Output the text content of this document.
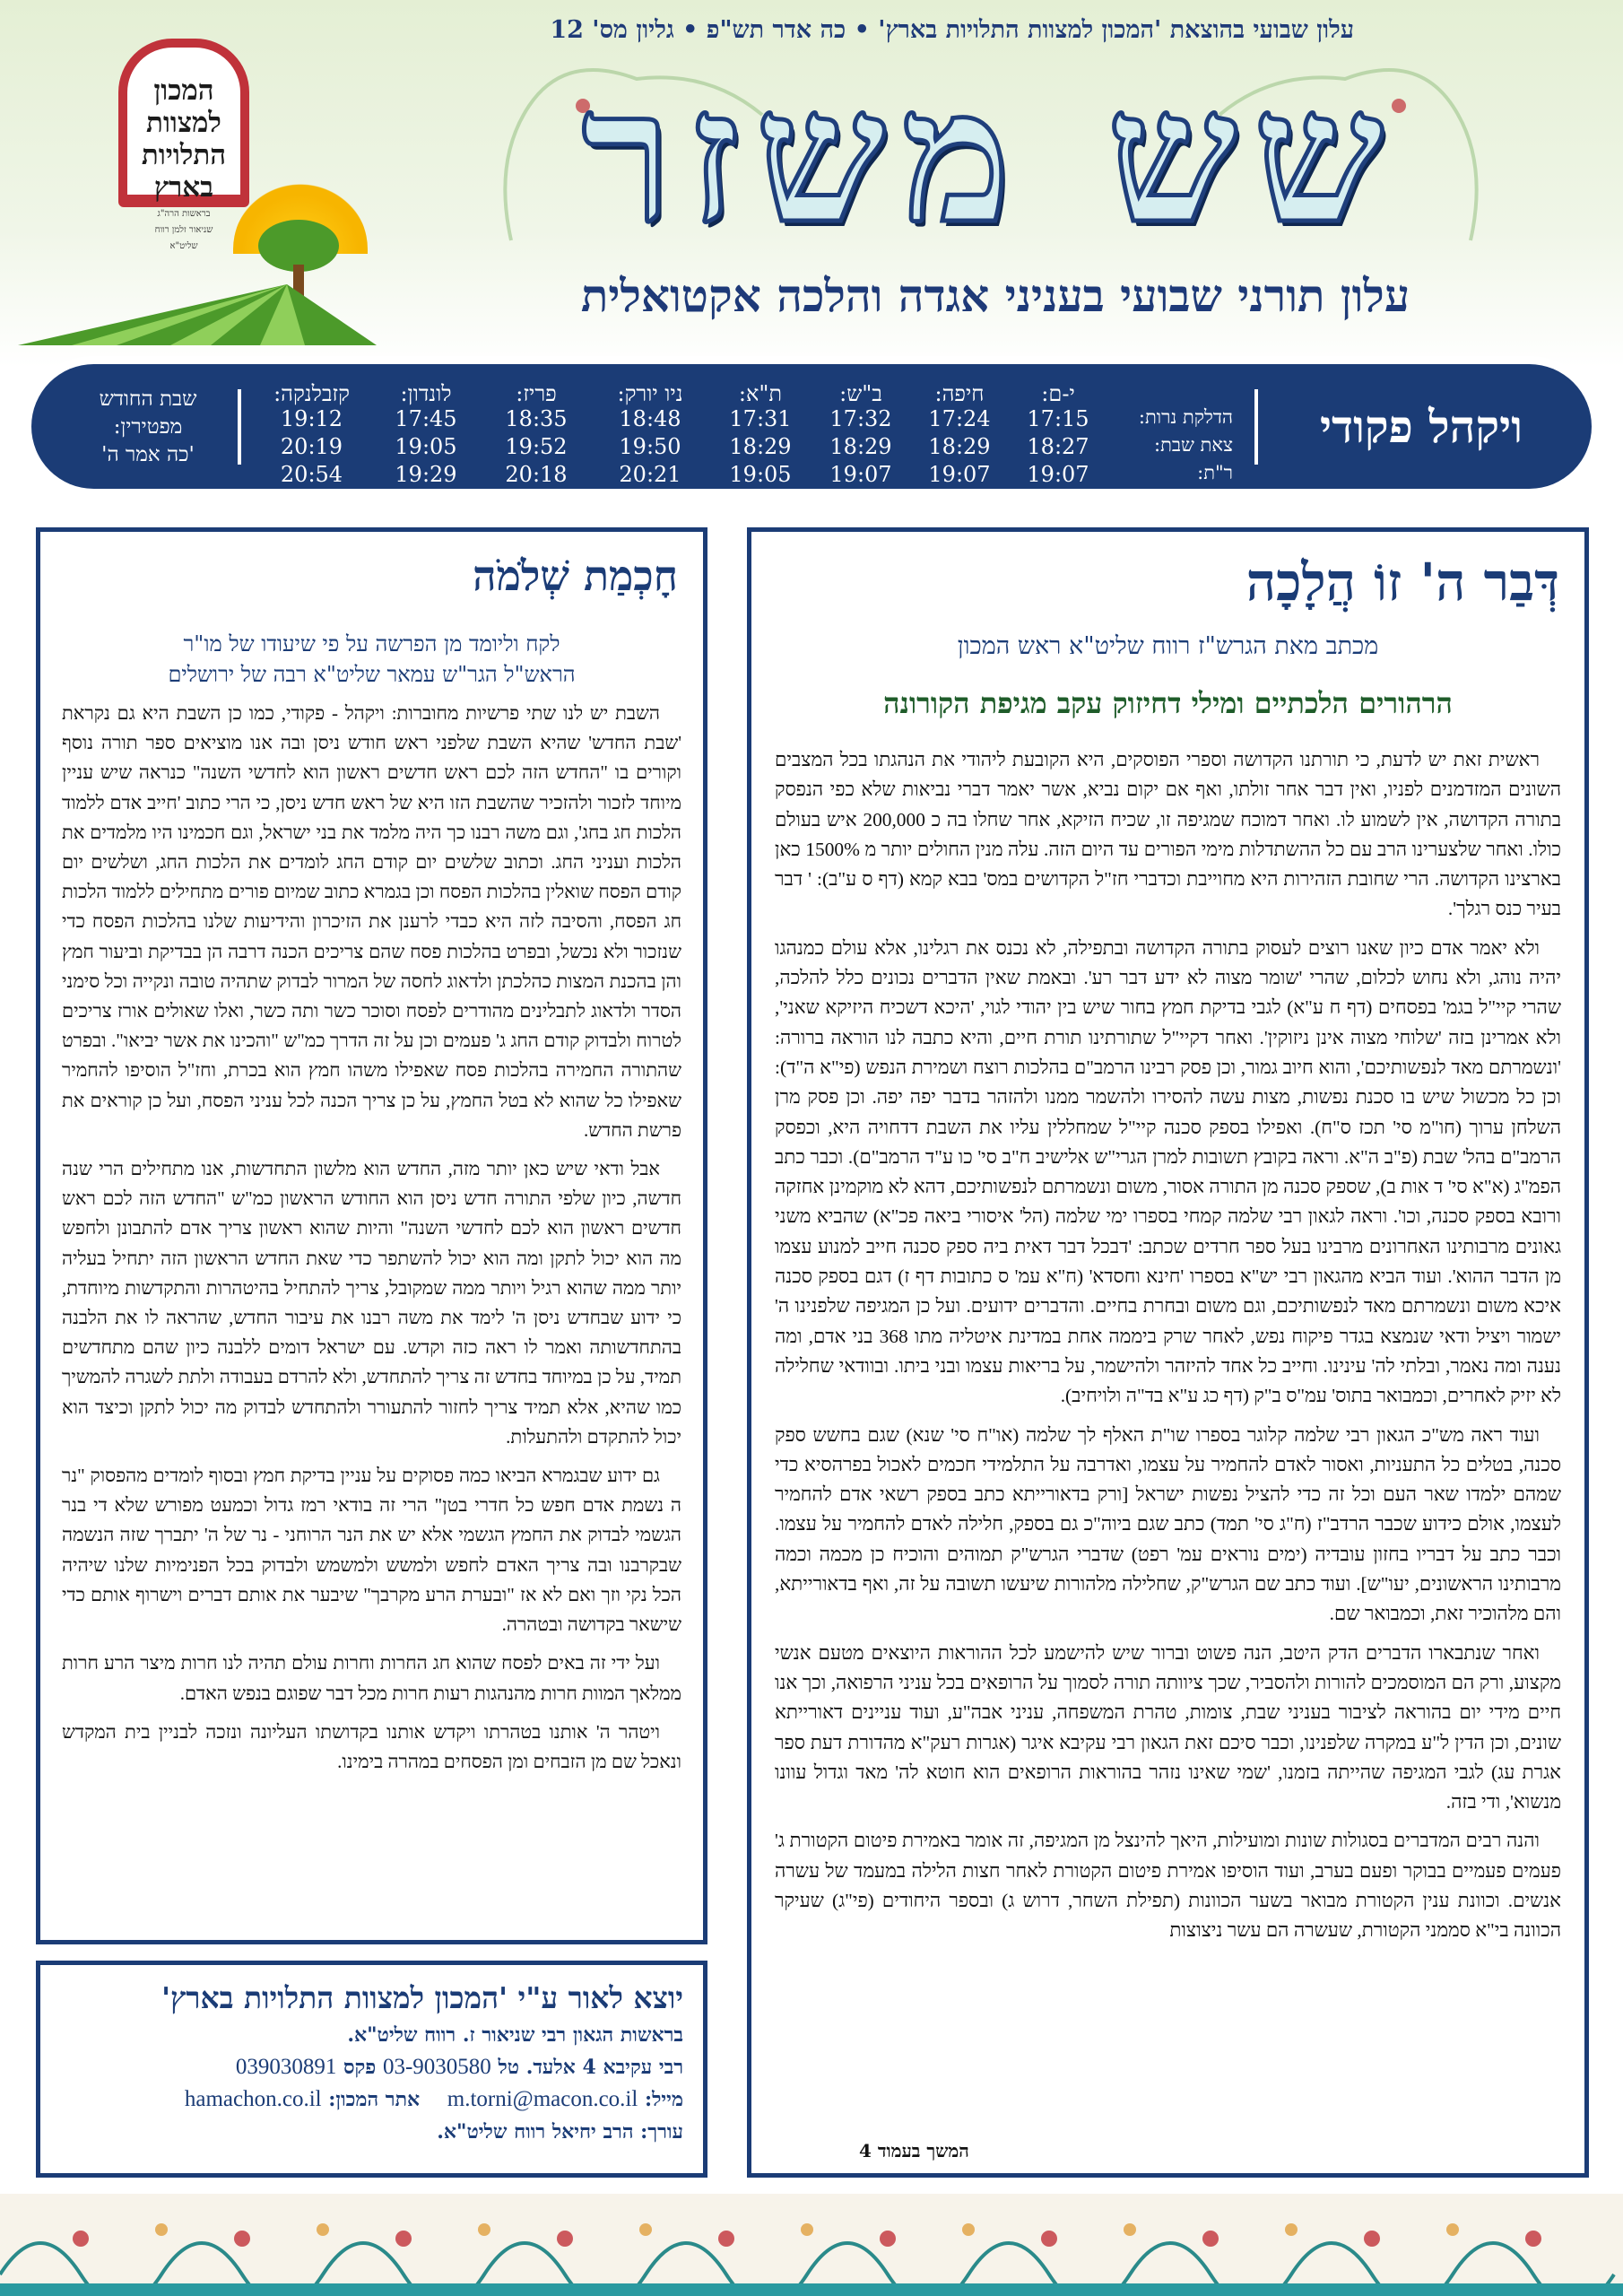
עלון שבועי בהוצאת 'המכון למצוות התלויות בארץ' • כה אדר תש"פ • גליון מס' 12
שש משזר
עלון תורני שבועי בעניני אגדה והלכה אקטואלית
המכון למצוות
התלויות
בארץ
בראשות הרה"ג
שניאור זלמן רווח
שליט"א
ויקהל פקודי
הדלקת נרות:
צאת שבת:
ר"ת:
י-ם:
17:15
18:27
19:07
חיפה:
17:24
18:29
19:07
ב"ש:
17:32
18:29
19:07
ת"א:
17:31
18:29
19:05
ניו יורק:
18:48
19:50
20:21
פריז:
18:35
19:52
20:18
לונדון:
17:45
19:05
19:29
קזבלנקה:
19:12
20:19
20:54
שבת החודש
מפטירין:
'כה אמר ה'
דְּבַר ה' זוֹ הֲלָכָה
מכתב מאת הגרש"ז רווח שליט"א ראש המכון
הרהורים הלכתיים ומילי דחיזוק עקב מגיפת הקורונה

ראשית זאת יש לדעת, כי תורתנו הקדושה וספרי הפוסקים, היא הקובעת ליהודי את הנהגתו בכל המצבים השונים המזדמנים לפניו, ואין דבר אחר זולתו, ואף אם יקום נביא, אשר יאמר דברי נביאות שלא כפי הנפסק בתורה הקדושה, אין לשמוע לו. ואחר דמוכח שמגיפה זו, שכיח הזיקא, אחר שחלו בה כ 200,000 איש בעולם כולו. ואחר שלצערינו הרב עם כל ההשתדלות מימי הפורים עד היום הזה. עלה מנין החולים יותר מ 1500% כאן בארצינו הקדושה. הרי שחובת הזהירות היא מחוייבת וכדברי חז"ל הקדושים במס' בבא קמא (דף ס ע"ב): ' דבר בעיר כנס רגלך'.

ולא יאמר אדם כיון שאנו רוצים לעסוק בתורה הקדושה ובתפילה, לא נכנס את רגלינו, אלא עולם כמנהגו יהיה נוהג, ולא נחוש לכלום, שהרי 'שומר מצוה לא ידע דבר רע'. ובאמת שאין הדברים נכונים כלל להלכה, שהרי קיי"ל בגמ' בפסחים (דף ח ע"א) לגבי בדיקת חמץ בחור שיש בין יהודי לגוי, 'היכא דשכיח היזיקא שאני', ולא אמרינן בזה 'שלוחי מצוה אינן ניזוקין'. ואחר דקיי"ל שתורתינו תורת חיים, והיא כתבה לנו הוראה ברורה: 'ונשמרתם מאד לנפשותיכם', והוא חיוב גמור, וכן פסק רבינו הרמב"ם בהלכות רוצח ושמירת הנפש (פי"א ה"ד): וכן כל מכשול שיש בו סכנת נפשות, מצות עשה להסירו ולהשמר ממנו ולהזהר בדבר יפה יפה. וכן פסק מרן השלחן ערוך (חו"מ סי' תכז ס"ח). ואפילו בספק סכנה קיי"ל שמחללין עליו את השבת דדחויה היא, וכפסק הרמב"ם בהל' שבת (פ"ב ה"א. וראה בקובץ תשובות למרן הגרי"ש אלישיב ח"ב סי' כו ע"ד הרמב"ם). וכבר כתב הפמ"ג (א"א סי' ד אות ב), שספק סכנה מן התורה אסור, משום ונשמרתם לנפשותיכם, דהא לא מוקמינן אחזקה ורובא בספק סכנה, וכו'. וראה לגאון רבי שלמה קמחי בספרו ימי שלמה (הל' איסורי ביאה פכ"א) שהביא משני גאונים מרבותינו האחרונים מרבינו בעל ספר חרדים שכתב: 'דבכל דבר דאית ביה ספק סכנה חייב למנוע עצמו מן הדבר ההוא'. ועוד הביא מהגאון רבי יש"א בספרו 'חינא וחסדא' (ח"א עמ' ס כתובות דף ז) דגם בספק סכנה איכא משום ונשמרתם מאד לנפשותיכם, וגם משום ובחרת בחיים. והדברים ידועים. ועל כן המגיפה שלפנינו ה' ישמור ויציל ודאי שנמצא בגדר פיקוח נפש, לאחר שרק ביממה אחת במדינת איטליה מתו 368 בני אדם, ומה נענה ומה נאמר, ובלתי לה' עינינו. וחייב כל אחד להיזהר ולהישמר, על בריאות עצמו ובני ביתו. ובוודאי שחלילה לא יזיק לאחרים, וכמבואר בתוס' עמ"ס ב"ק (דף כג ע"א בד"ה ולויחיב).

ועוד ראה מש"כ הגאון רבי שלמה קלוגר בספרו שו"ת האלף לך שלמה (או"ח סי' שנא) שגם בחשש ספק סכנה, בטלים כל התעניות, ואסור לאדם להחמיר על עצמו, ואדרבה על התלמידי חכמים לאכול בפרהסיא כדי שמהם ילמדו שאר העם וכל זה כדי להציל נפשות ישראל [ורק בדאורייתא כתב בספק רשאי אדם להחמיר לעצמו, אולם כידוע שכבר הרדב"ז (ח"ג סי' תמד) כתב שגם ביוה"כ גם בספק, חלילה לאדם להחמיר על עצמו. וכבר כתב על דבריו בחזון עובדיה (ימים נוראים עמ' רפט) שדברי הגרש"ק תמוהים והוכיח כן מכמה וכמה מרבותינו הראשונים, יעו"ש]. ועוד כתב שם הגרש"ק, שחלילה מלהורות שיעשו תשובה על זה, ואף בדאורייתא, והם מלהוכיר זאת, וכמבואר שם.

ואחר שנתבארו הדברים הדק היטב, הנה פשוט וברור שיש להישמע לכל ההוראות היוצאים מטעם אנשי מקצוע, ורק הם המוסמכים להורות ולהסביר, שכך ציוותה תורה לסמוך על הרופאים בכל עניני הרפואה, וכך אנו חיים מידי יום בהוראה לציבור בעניני שבת, צומות, טהרת המשפחה, עניני אבה"ע, ועוד עניינים דאורייתא שונים, וכן הדין ל"ע במקרה שלפנינו, וכבר סיכם זאת הגאון רבי עקיבא איגר (אגרות רעק"א מהדורת דעת ספר אגרת עג) לגבי המגיפה שהייתה בזמנו, 'שמי שאינו נזהר בהוראות הרופאים הוא חוטא לה' מאד וגדול עוונו מנשוא', ודי בזה.

והנה רבים המדברים בסגולות שונות ומועילות, היאך להינצל מן המגיפה, זה אומר באמירת פיטום הקטורת ג' פעמים פעמיים בבוקר ופעם בערב, ועוד הוסיפו אמירת פיטום הקטורת לאחר חצות הלילה במעמד של עשרה אנשים. וכוונת ענין הקטורת מבואר בשער הכוונות (תפילת השחר, דרוש ג) ובספר היחודים (פי"ג) שעיקר הכוונה בי"א סממני הקטורת, שעשרה הם עשר ניצוצות

המשך בעמוד 4
חָכְמַת שְׁלֹמֹה
לקח וליומד מן הפרשה על פי שיעודו של מו"ר
הראש"ל הגר"ש עמאר שליט"א רבה של ירושלים

השבת יש לנו שתי פרשיות מחוברות: ויקהל - פקודי, כמו כן השבת היא גם נקראת 'שבת החדש' שהיא השבת שלפני ראש חודש ניסן ובה אנו מוציאים ספר תורה נוסף וקורים בו "החדש הזה לכם ראש חדשים ראשון הוא לחדשי השנה" כנראה שיש עניין מיוחד לזכור ולהזכיר שהשבת הזו היא של ראש חדש ניסן, כי הרי כתוב 'חייב אדם ללמוד הלכות חג בחג', וגם משה רבנו כך היה מלמד את בני ישראל, וגם חכמינו היו מלמדים את הלכות ועניני החג. וכתוב שלשים יום קודם החג לומדים את הלכות החג, ושלשים יום קודם הפסח שואלין בהלכות הפסח וכן בגמרא כתוב שמיום פורים מתחילים ללמוד הלכות חג הפסח, והסיבה לזה היא כבדי לרענן את הזיכרון והידיעות שלנו בהלכות הפסח כדי שנזכור ולא נכשל, ובפרט בהלכות פסח שהם צריכים הכנה דרבה הן בבדיקת וביעור חמץ והן בהכנת המצות כהלכתן ולדאוג לחסה של המרור לבדוק שתהיה טובה ונקייה וכל סימני הסדר ולדאוג לתבלינים מהודרים לפסח וסוכר כשר ותה כשר, ואלו שאולים אורז צריכים לטרוח ולבדוק קודם החג ג' פעמים וכן על זה הדרך כמ"ש "והכינו את אשר יביאו". ובפרט שהתורה החמירה בהלכות פסח שאפילו משהו חמץ הוא בכרת, וחז"ל הוסיפו להחמיר שאפילו כל שהוא לא בטל החמץ, על כן צריך הכנה לכל עניני הפסח, ועל כן קוראים את פרשת החדש.

אבל ודאי שיש כאן יותר מזה, החדש הוא מלשון התחדשות, אנו מתחילים הרי שנה חדשה, כיון שלפי התורה חדש ניסן הוא החודש הראשון כמ"ש "החדש הזה לכם ראש חדשים ראשון הוא לכם לחדשי השנה" והיות שהוא ראשון צריך אדם להתבונן ולחפש מה הוא יכול לתקן ומה הוא יכול להשתפר כדי שאת החדש הראשון הזה יתחיל בעליה יותר ממה שהוא רגיל ויותר ממה שמקובל, צריך להתחיל בהיטהרות והתקדשות מיוחדת, כי ידוע שבחדש ניסן ה' לימד את משה רבנו את עיבור החדש, שהראה לו את הלבנה בהתחדשותה ואמר לו ראה כזה וקדש. עם ישראל דומים ללבנה כיון שהם מתחדשים תמיד, על כן במיוחד בחדש זה צריך להתחדש, ולא להרדם בעבודה ולתת לשגרה להמשיך כמו שהיא, אלא תמיד צריך לחזור להתעורר ולהתחדש לבדוק מה יכול לתקן וכיצד הוא יכול להתקדם ולהתעלות.

גם ידוע שבגמרא הביאו כמה פסוקים על עניין בדיקת חמץ ובסוף לומדים מהפסוק "נר ה נשמת אדם חפש כל חדרי בטן" הרי זה בודאי רמז גדול וכמעט מפורש שלא די בנר הגשמי לבדוק את החמץ הגשמי אלא יש את הנר הרוחני - נר של ה' יתברך שזה הנשמה שבקרבנו ובה צריך האדם לחפש ולמשש ולמשמש ולבדוק בכל הפנימיות שלנו שיהיה הכל נקי וזך ואם לא אז "ובערת הרע מקרבך" שיבער את אותם דברים וישרוף אותם כדי שישאר בקדושה ובטהרה.

ועל ידי זה באים לפסח שהוא חג החרות וחרות עולם תהיה לנו חרות מיצר הרע חרות ממלאך המוות חרות מהנהגות רעות חרות מכל דבר שפוגם בנפש האדם.

ויטהר ה' אותנו בטהרתו ויקדש אותנו בקדושתו העליונה ונזכה לבניין בית המקדש ונאכל שם מן הזבחים ומן הפסחים במהרה בימינו.

יוצא לאור ע"י 'המכון למצוות התלויות בארץ'
בראשות הגאון רבי שניאור ז. רווח שליט"א.
רבי עקיבא 4 אלעד. טל 03-9030580 פקס 039030891
מייל: m.torni@macon.co.il    אתר המכון: hamachon.co.il
עורך: הרב יחיאל רווח שליט"א.
